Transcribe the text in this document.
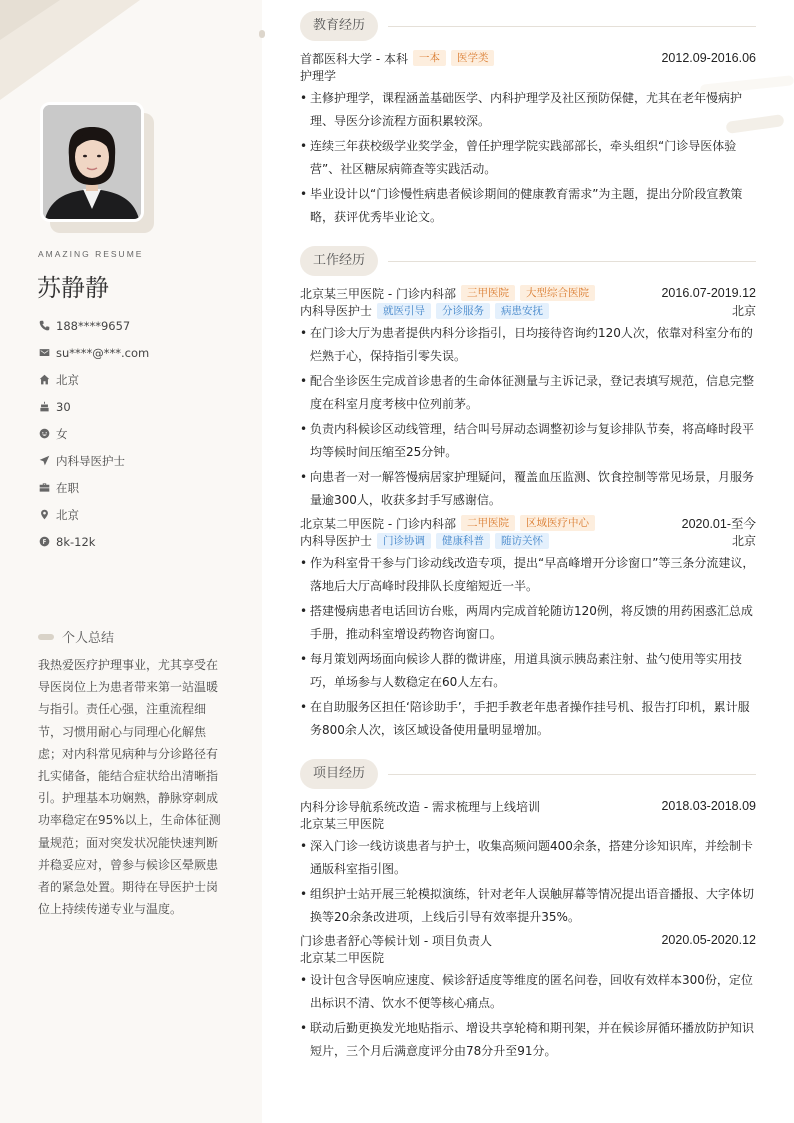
AMAZING RESUME
苏静静
188****9657
su****@***.com
北京
30
女
内科导医护士
在职
北京
8k-12k
个人总结
我热爱医疗护理事业，尤其享受在导医岗位上为患者带来第一站温暖与指引。责任心强，注重流程细节，习惯用耐心与同理心化解焦虑；对内科常见病种与分诊路径有扎实储备，能结合症状给出清晰指引。护理基本功娴熟，静脉穿刺成功率稳定在95%以上，生命体征测量规范；面对突发状况能快速判断并稳妥应对，曾参与候诊区晕厥患者的紧急处置。期待在导医护士岗位上持续传递专业与温度。
教育经历
首都医科大学 - 本科	一本	医学类	2012.09-2016.06
护理学
• 主修护理学，课程涵盖基础医学、内科护理学及社区预防保健，尤其在老年慢病护理、导医分诊流程方面积累较深。
• 连续三年获校级学业奖学金，曾任护理学院实践部部长，牵头组织“门诊导医体验营”、社区糖尿病筛查等实践活动。
• 毕业设计以“门诊慢性病患者候诊期间的健康教育需求”为主题，提出分阶段宣教策略，获评优秀毕业论文。
工作经历
北京某三甲医院 - 门诊内科部	三甲医院	大型综合医院	2016.07-2019.12
内科导医护士	就医引导	分诊服务	病患安抚	北京
• 在门诊大厅为患者提供内科分诊指引，日均接待咨询约120人次，依靠对科室分布的烂熟于心，保持指引零失误。
• 配合坐诊医生完成首诊患者的生命体征测量与主诉记录，登记表填写规范，信息完整度在科室月度考核中位列前茅。
• 负责内科候诊区动线管理，结合叫号屏动态调整初诊与复诊排队节奏，将高峰时段平均等候时间压缩至25分钟。
• 向患者一对一解答慢病居家护理疑问，覆盖血压监测、饮食控制等常见场景，月服务量逾300人，收获多封手写感谢信。
北京某二甲医院 - 门诊内科部	二甲医院	区域医疗中心	2020.01-至今
内科导医护士	门诊协调	健康科普	随访关怀	北京
• 作为科室骨干参与门诊动线改造专项，提出“早高峰增开分诊窗口”等三条分流建议，落地后大厅高峰时段排队长度缩短近一半。
• 搭建慢病患者电话回访台账，两周内完成首轮随访120例，将反馈的用药困惑汇总成手册，推动科室增设药物咨询窗口。
• 每月策划两场面向候诊人群的微讲座，用道具演示胰岛素注射、盐勺使用等实用技巧，单场参与人数稳定在60人左右。
• 在自助服务区担任‘陪诊助手’，手把手教老年患者操作挂号机、报告打印机，累计服务800余人次，该区域设备使用量明显增加。
项目经历
内科分诊导航系统改造 - 需求梳理与上线培训	2018.03-2018.09
北京某三甲医院
• 深入门诊一线访谈患者与护士，收集高频问题400余条，搭建分诊知识库，并绘制卡通版科室指引图。
• 组织护士站开展三轮模拟演练，针对老年人误触屏幕等情况提出语音播报、大字体切换等20余条改进项，上线后引导有效率提升35%。
门诊患者舒心等候计划 - 项目负责人	2020.05-2020.12
北京某二甲医院
• 设计包含导医响应速度、候诊舒适度等维度的匿名问卷，回收有效样本300份，定位出标识不清、饮水不便等核心痛点。
• 联动后勤更换发光地贴指示、增设共享轮椅和期刊架，并在候诊屏循环播放防护知识短片，三个月后满意度评分由78分升至91分。
